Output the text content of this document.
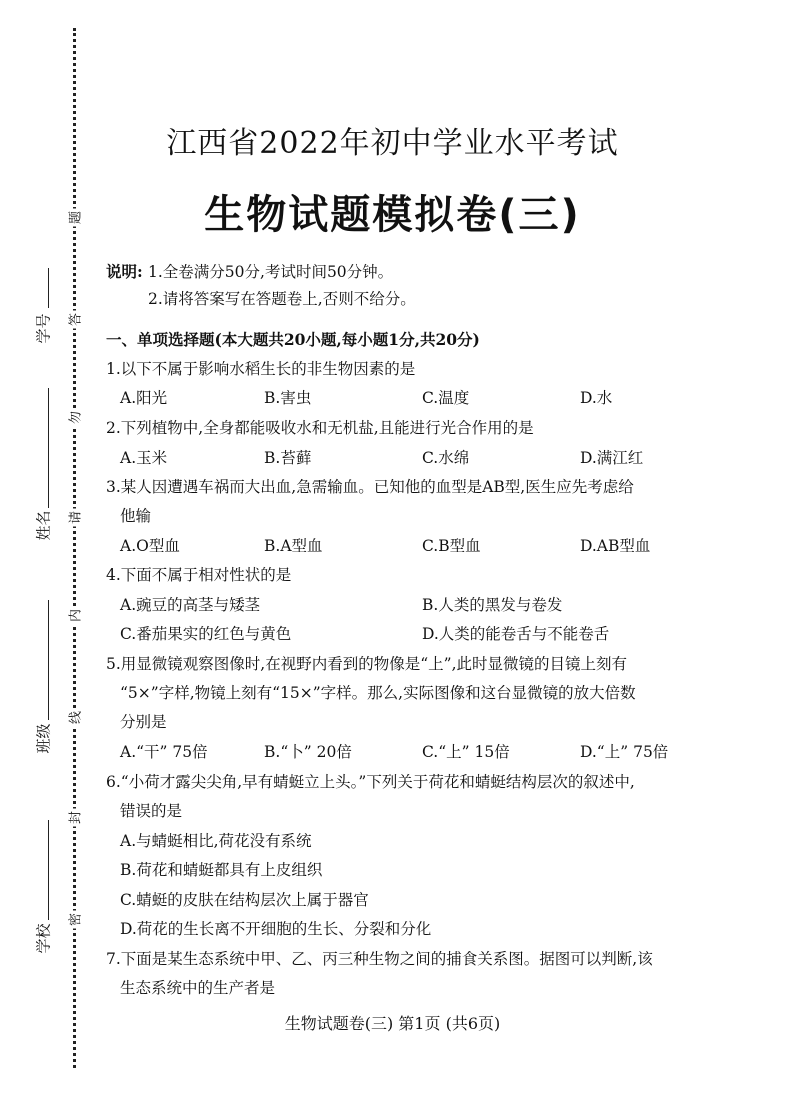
学号
姓名
班级
学校
题
答
勿
请
内
线
封
密
江西省2022年初中学业水平考试
生物试题模拟卷(三)
说明: 1.全卷满分50分,考试时间50分钟。
2.请将答案写在答题卷上,否则不给分。
一、单项选择题(本大题共20小题,每小题1分,共20分)
1.以下不属于影响水稻生长的非生物因素的是
A.阳光	B.害虫	C.温度	D.水
2.下列植物中,全身都能吸收水和无机盐,且能进行光合作用的是
A.玉米	B.苔藓	C.水绵	D.满江红
3.某人因遭遇车祸而大出血,急需输血。已知他的血型是AB型,医生应先考虑给
他输
A.O型血	B.A型血	C.B型血	D.AB型血
4.下面不属于相对性状的是
A.豌豆的高茎与矮茎	B.人类的黑发与卷发
C.番茄果实的红色与黄色	D.人类的能卷舌与不能卷舌
5.用显微镜观察图像时,在视野内看到的物像是“上”,此时显微镜的目镜上刻有
“5×”字样,物镜上刻有“15×”字样。那么,实际图像和这台显微镜的放大倍数
分别是
A.“干” 75倍	B.“卜” 20倍	C.“上” 15倍	D.“上” 75倍
6.“小荷才露尖尖角,早有蜻蜓立上头。”下列关于荷花和蜻蜓结构层次的叙述中,
错误的是
A.与蜻蜓相比,荷花没有系统
B.荷花和蜻蜓都具有上皮组织
C.蜻蜓的皮肤在结构层次上属于器官
D.荷花的生长离不开细胞的生长、分裂和分化
7.下面是某生态系统中甲、乙、丙三种生物之间的捕食关系图。据图可以判断,该
生态系统中的生产者是
生物试题卷(三) 第1页 (共6页)
